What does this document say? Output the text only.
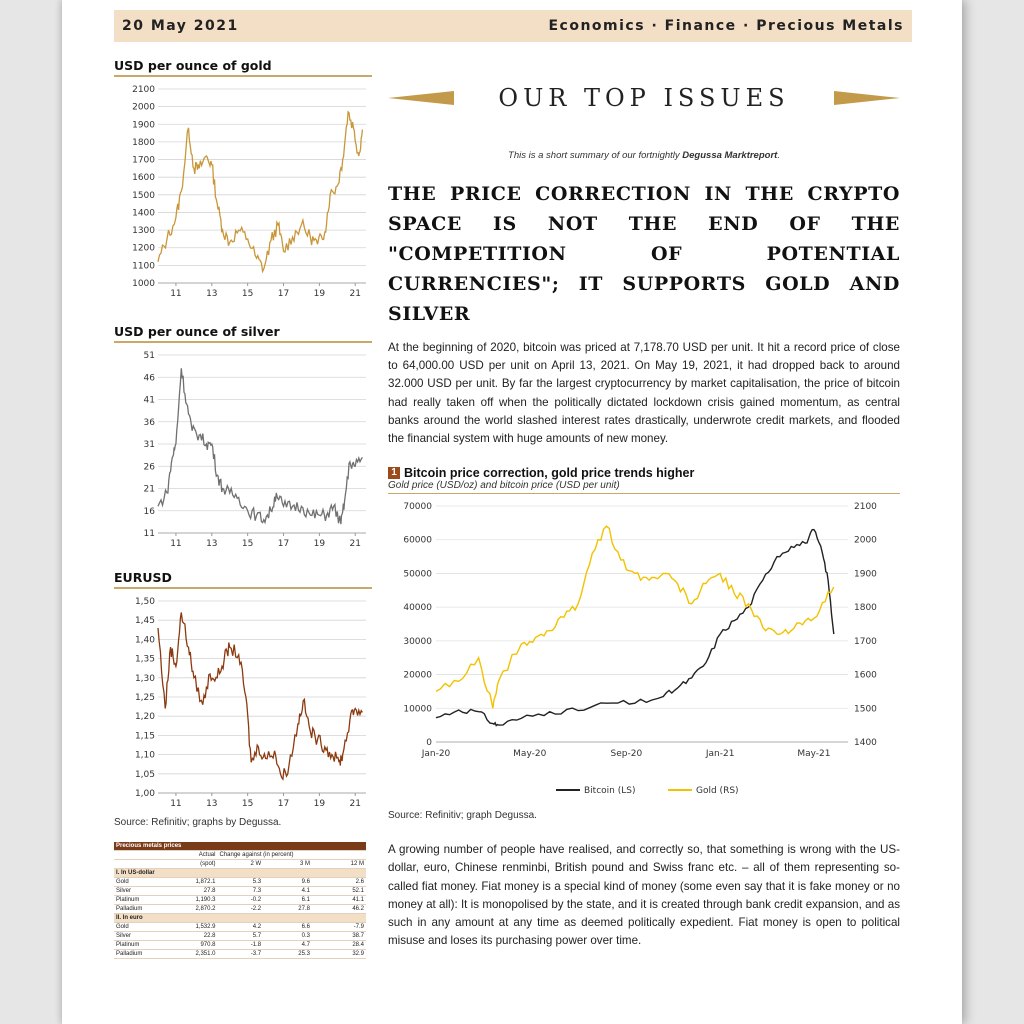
20 May 2021	Economics · Finance · Precious Metals

USD per ounce of gold

1000
1100
1200
1300
1400
1500
1600
1700
1800
1900
2000
2100
11	13	15	17	19	21

USD per ounce of silver

11
16
21
26
31
36
41
46
51
11	13	15	17	19	21

EURUSD

1,00
1,05
1,10
1,15
1,20
1,25
1,30
1,35
1,40
1,45
1,50
11	13	15	17	19	21
Source: Refinitiv; graphs by Degussa.
Precious metals prices				
	Actual	Change against (in percent)		
	(spot)	2 W	3 M	12 M
I. In US-dollar				
Gold	1,872.1	5.3	9.6	2.6
Silver	27.8	7.3	4.1	52.1
Platinum	1,190.3	-0.2	6.1	41.1
Palladium	2,870.2	-2.2	27.8	46.2
II. In euro				
Gold	1,532.9	4.2	6.6	-7.9
Silver	22.8	5.7	0.3	38.7
Platinum	970.8	-1.8	4.7	28.4
Palladium	2,351.0	-3.7	25.3	32.9
OUR TOP ISSUES

This is a short summary of our fortnightly Degussa Marktreport.

THE PRICE CORRECTION IN THE CRYPTO SPACE IS NOT THE END OF THE "COMPETITION OF POTENTIAL CURRENCIES"; IT SUPPORTS GOLD AND SILVER

At the beginning of 2020, bitcoin was priced at 7,178.70 USD per unit. It hit a record price of close to 64,000.00 USD per unit on April 13, 2021. On May 19, 2021, it had dropped back to around 32.000 USD per unit. By far the largest cryptocurrency by market capitalisation, the price of bitcoin had really taken off when the politically dictated lockdown crisis gained momentum, as central banks around the world slashed interest rates drastically, underwrote credit markets, and flooded the financial system with huge amounts of new money.

1 Bitcoin price correction, gold price trends higher
Gold price (USD/oz) and bitcoin price (USD per unit)
0
10000
20000
30000
40000
50000
60000
70000
1400
1500
1600
1700
1800
1900
2000
2100
Jan-20	May-20	Sep-20	Jan-21	May-21
Bitcoin (LS)	Gold (RS)
Source: Refinitiv; graph Degussa.

A growing number of people have realised, and correctly so, that something is wrong with the US-dollar, euro, Chinese renminbi, British pound and Swiss franc etc. – all of them representing so-called fiat money. Fiat money is a special kind of money (some even say that it is fake money or no money at all): It is monopolised by the state, and it is created through bank credit expansion, and as such in any amount at any time as deemed politically expedient. Fiat money is open to political misuse and loses its purchasing power over time.
